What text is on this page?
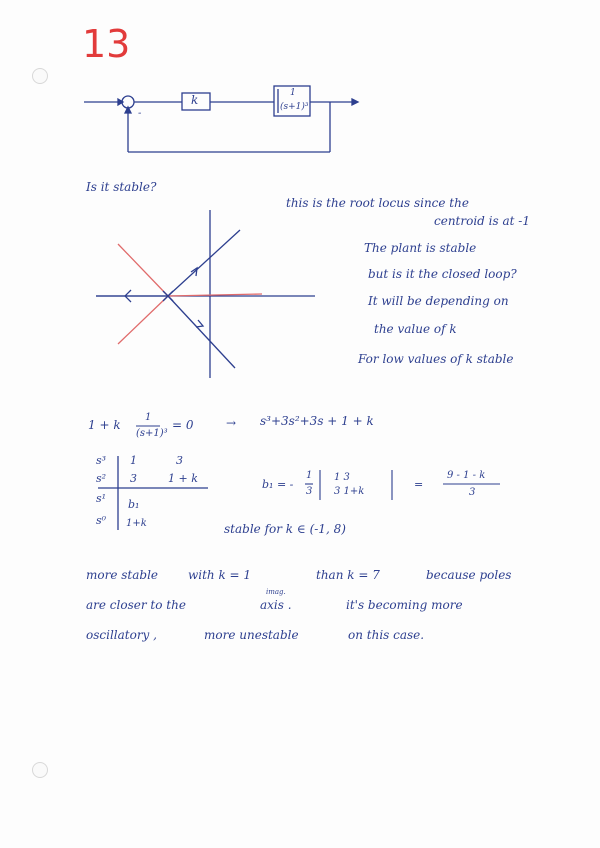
13
Is it stable?
-
k	1
(s+1)³
this is the root locus since the
centroid is at -1
The plant is stable
but is it the closed loop?
It will be depending on
the value of k
For low values of k stable
1 + k
1
(s+1)³
= 0	→ s³+3s²+3s + 1 + k
s³ 1	3
s² 3	1 + k
s¹ b₁
s⁰ 1+k
b₁ = -
1
3
1 3
3 1+k
=
9 - 1 - k
3
stable for k ∈ (-1, 8)
more stable with k = 1	than k = 7	because poles
imag.
are closer to the	axis .	it's becoming more
oscillatory ,	more unestable	on this case.
